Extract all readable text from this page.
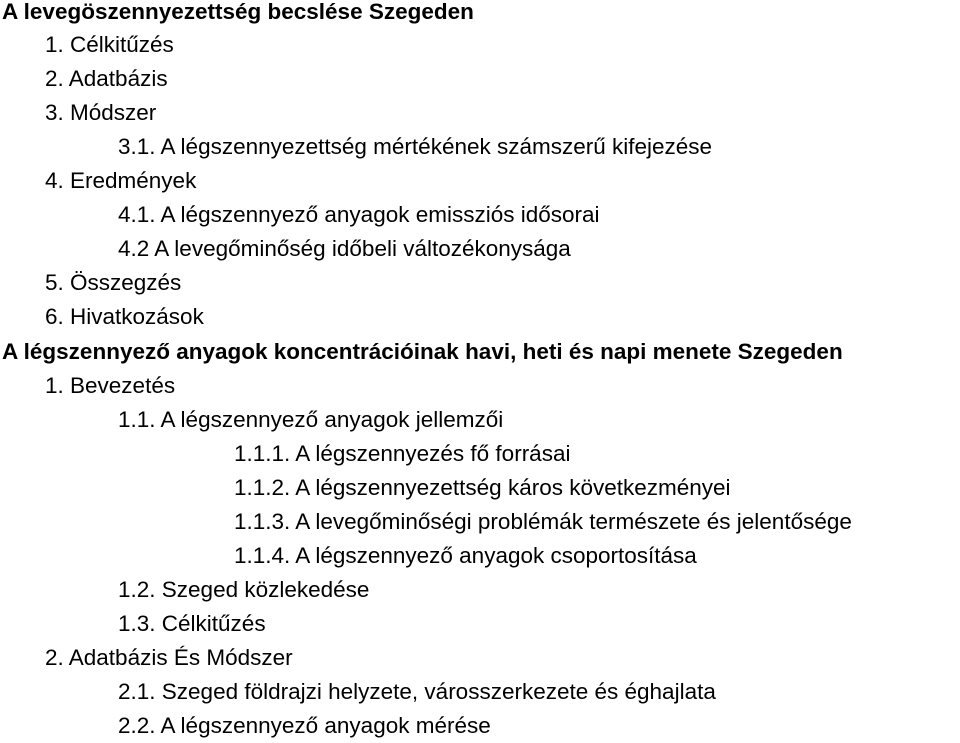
A levegöszennyezettség becslése Szegeden
1. Célkitűzés
2. Adatbázis
3. Módszer
3.1. A légszennyezettség mértékének számszerű kifejezése
4. Eredmények
4.1. A légszennyező anyagok emissziós idősorai
4.2 A levegőminőség időbeli változékonysága
5. Összegzés
6. Hivatkozások
A légszennyező anyagok koncentrációinak havi, heti és napi menete Szegeden
1. Bevezetés
1.1. A légszennyező anyagok jellemzői
1.1.1. A légszennyezés fő forrásai
1.1.2. A légszennyezettség káros következményei
1.1.3. A levegőminőségi problémák természete és jelentősége
1.1.4. A légszennyező anyagok csoportosítása
1.2. Szeged közlekedése
1.3. Célkitűzés
2. Adatbázis És Módszer
2.1. Szeged földrajzi helyzete, városszerkezete és éghajlata
2.2. A légszennyező anyagok mérése
